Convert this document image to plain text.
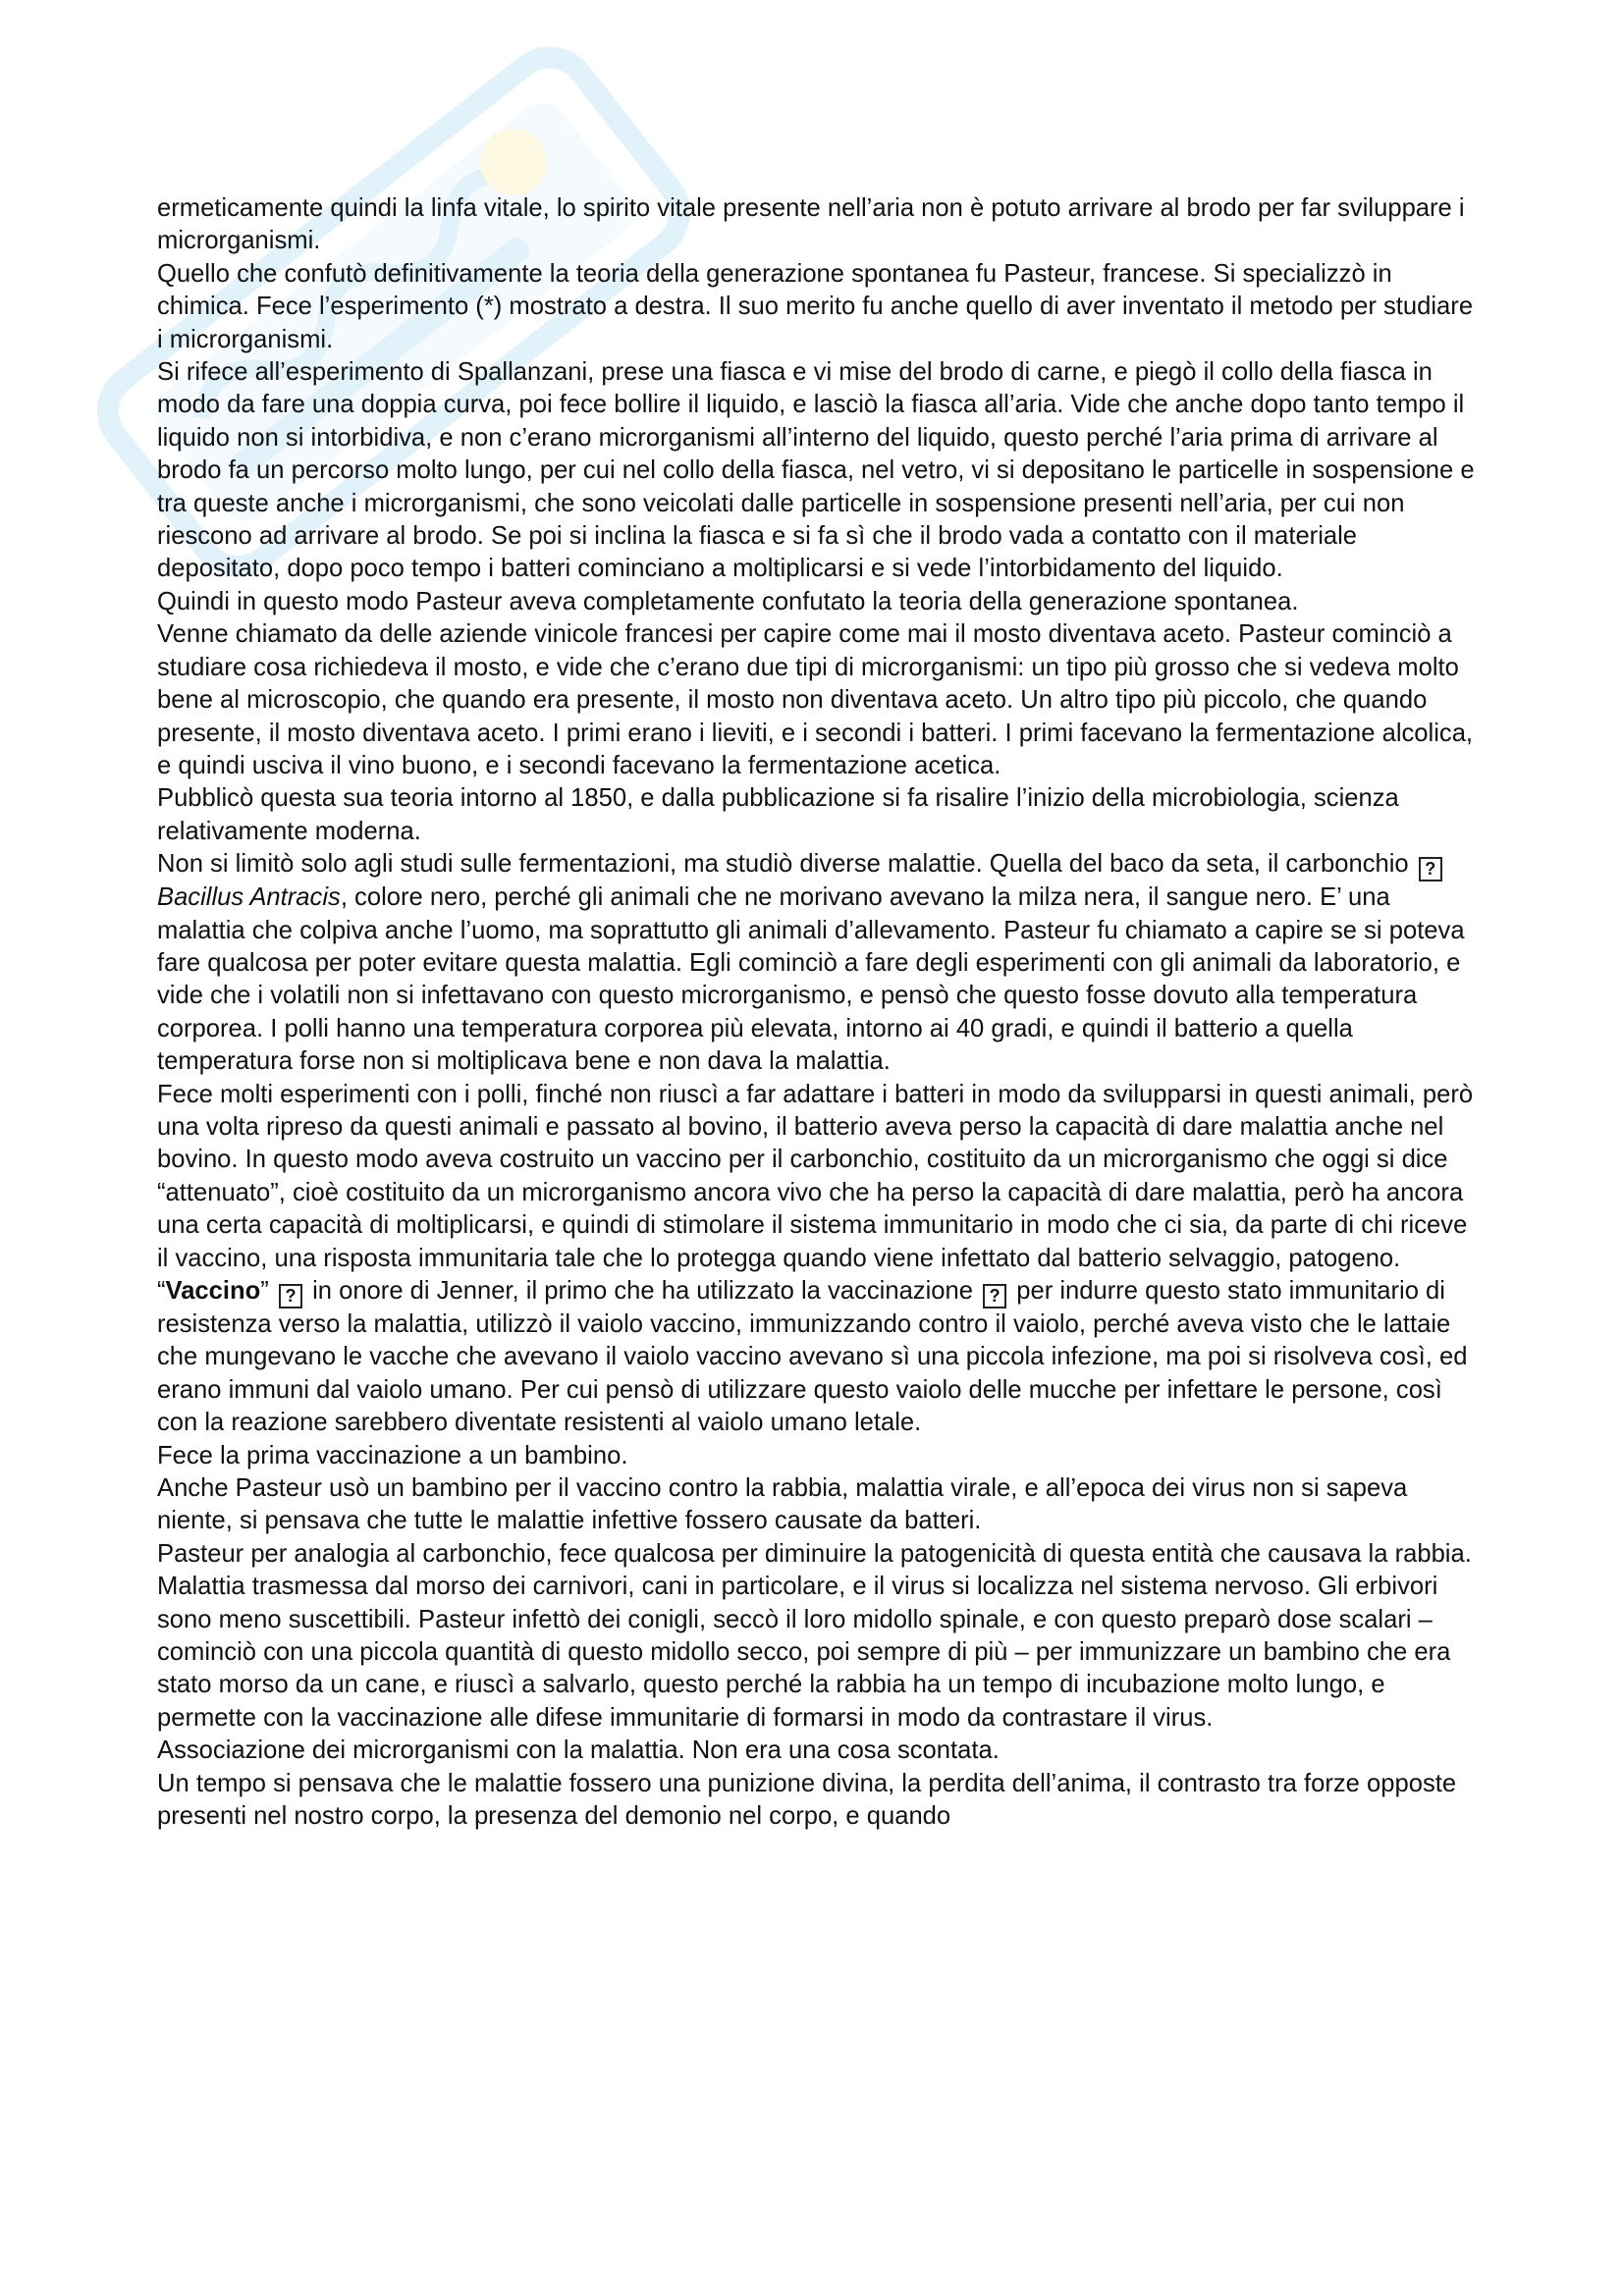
ermeticamente quindi la linfa vitale, lo spirito vitale presente nell’aria non è potuto arrivare al brodo per far sviluppare i microrganismi.

Quello che confutò definitivamente la teoria della generazione spontanea fu Pasteur, francese. Si specializzò in chimica. Fece l’esperimento (*) mostrato a destra. Il suo merito fu anche quello di aver inventato il metodo per studiare i microrganismi.

Si rifece all’esperimento di Spallanzani, prese una fiasca e vi mise del brodo di carne, e piegò il collo della fiasca in modo da fare una doppia curva, poi fece bollire il liquido, e lasciò la fiasca all’aria. Vide che anche dopo tanto tempo il liquido non si intorbidiva, e non c’erano microrganismi all’interno del liquido, questo perché l’aria prima di arrivare al brodo fa un percorso molto lungo, per cui nel collo della fiasca, nel vetro, vi si depositano le particelle in sospensione e tra queste anche i microrganismi, che sono veicolati dalle particelle in sospensione presenti nell’aria, per cui non riescono ad arrivare al brodo. Se poi si inclina la fiasca e si fa sì che il brodo vada a contatto con il materiale depositato, dopo poco tempo i batteri cominciano a moltiplicarsi e si vede l’intorbidamento del liquido.

Quindi in questo modo Pasteur aveva completamente confutato la teoria della generazione spontanea.

Venne chiamato da delle aziende vinicole francesi per capire come mai il mosto diventava aceto. Pasteur cominciò a studiare cosa richiedeva il mosto, e vide che c’erano due tipi di microrganismi: un tipo più grosso che si vedeva molto bene al microscopio, che quando era presente, il mosto non diventava aceto. Un altro tipo più piccolo, che quando presente, il mosto diventava aceto. I primi erano i lieviti, e i secondi i batteri. I primi facevano la fermentazione alcolica, e quindi usciva il vino buono, e i secondi facevano la fermentazione acetica.

Pubblicò questa sua teoria intorno al 1850, e dalla pubblicazione si fa risalire l’inizio della microbiologia, scienza relativamente moderna.

Non si limitò solo agli studi sulle fermentazioni, ma studiò diverse malattie. Quella del baco da seta, il carbonchio ? Bacillus Antracis, colore nero, perché gli animali che ne morivano avevano la milza nera, il sangue nero. E’ una malattia che colpiva anche l’uomo, ma soprattutto gli animali d’allevamento. Pasteur fu chiamato a capire se si poteva fare qualcosa per poter evitare questa malattia. Egli cominciò a fare degli esperimenti con gli animali da laboratorio, e vide che i volatili non si infettavano con questo microrganismo, e pensò che questo fosse dovuto alla temperatura corporea. I polli hanno una temperatura corporea più elevata, intorno ai 40 gradi, e quindi il batterio a quella temperatura forse non si moltiplicava bene e non dava la malattia.

Fece molti esperimenti con i polli, finché non riuscì a far adattare i batteri in modo da svilupparsi in questi animali, però una volta ripreso da questi animali e passato al bovino, il batterio aveva perso la capacità di dare malattia anche nel bovino. In questo modo aveva costruito un vaccino per il carbonchio, costituito da un microrganismo che oggi si dice “attenuato”, cioè costituito da un microrganismo ancora vivo che ha perso la capacità di dare malattia, però ha ancora una certa capacità di moltiplicarsi, e quindi di stimolare il sistema immunitario in modo che ci sia, da parte di chi riceve il vaccino, una risposta immunitaria tale che lo protegga quando viene infettato dal batterio selvaggio, patogeno.

“Vaccino” ? in onore di Jenner, il primo che ha utilizzato la vaccinazione ? per indurre questo stato immunitario di resistenza verso la malattia, utilizzò il vaiolo vaccino, immunizzando contro il vaiolo, perché aveva visto che le lattaie che mungevano le vacche che avevano il vaiolo vaccino avevano sì una piccola infezione, ma poi si risolveva così, ed erano immuni dal vaiolo umano. Per cui pensò di utilizzare questo vaiolo delle mucche per infettare le persone, così con la reazione sarebbero diventate resistenti al vaiolo umano letale.

Fece la prima vaccinazione a un bambino.

Anche Pasteur usò un bambino per il vaccino contro la rabbia, malattia virale, e all’epoca dei virus non si sapeva niente, si pensava che tutte le malattie infettive fossero causate da batteri.

Pasteur per analogia al carbonchio, fece qualcosa per diminuire la patogenicità di questa entità che causava la rabbia. Malattia trasmessa dal morso dei carnivori, cani in particolare, e il virus si localizza nel sistema nervoso. Gli erbivori sono meno suscettibili. Pasteur infettò dei conigli, seccò il loro midollo spinale, e con questo preparò dose scalari – cominciò con una piccola quantità di questo midollo secco, poi sempre di più – per immunizzare un bambino che era stato morso da un cane, e riuscì a salvarlo, questo perché la rabbia ha un tempo di incubazione molto lungo, e permette con la vaccinazione alle difese immunitarie di formarsi in modo da contrastare il virus.

Associazione dei microrganismi con la malattia. Non era una cosa scontata.

Un tempo si pensava che le malattie fossero una punizione divina, la perdita dell’anima, il contrasto tra forze opposte presenti nel nostro corpo, la presenza del demonio nel corpo, e quando
